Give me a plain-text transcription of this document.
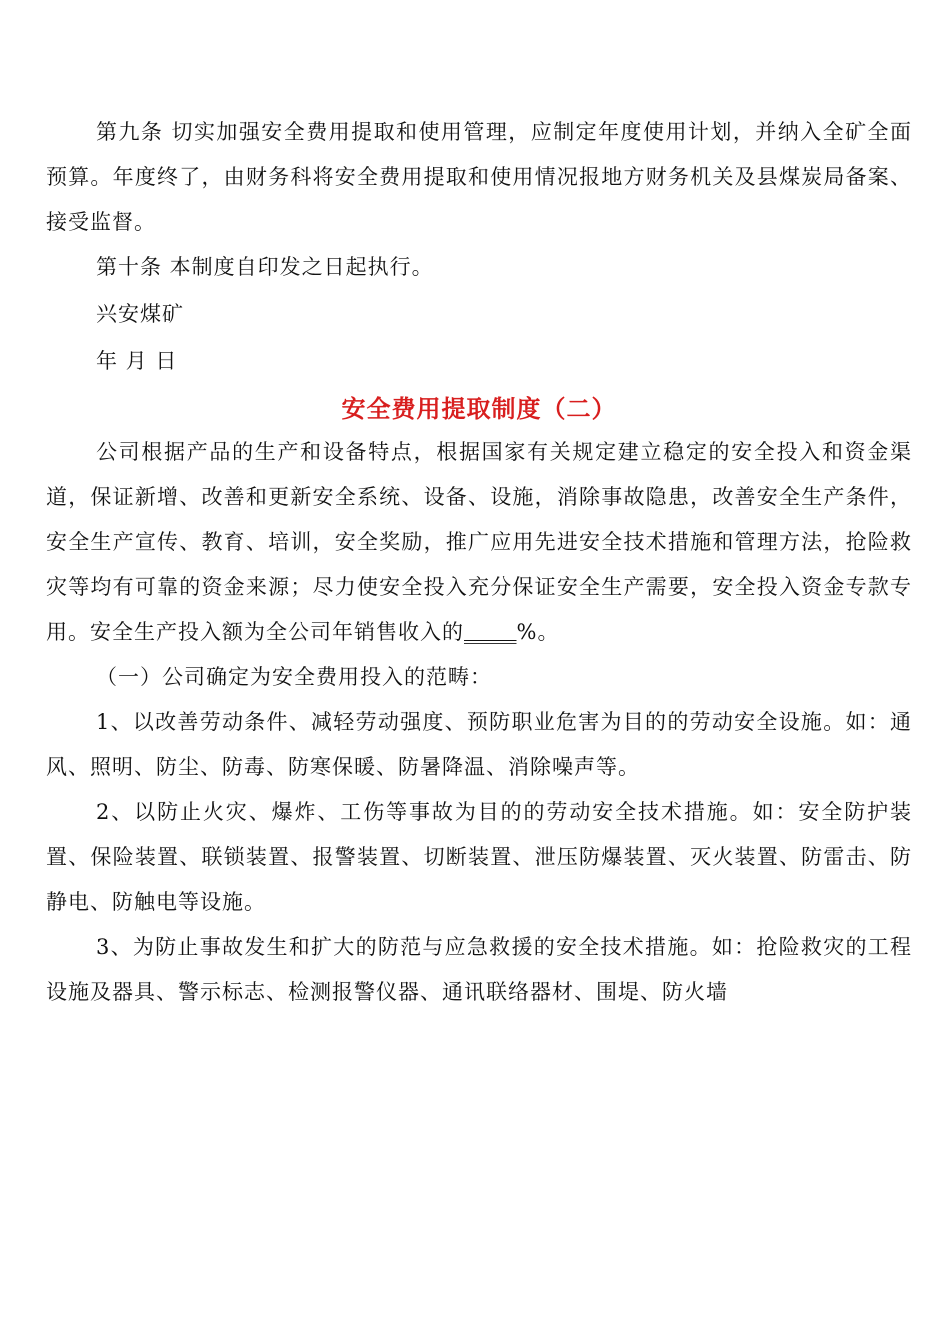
第九条 切实加强安全费用提取和使用管理，应制定年度使用计划，并纳入全矿全面预算。年度终了，由财务科将安全费用提取和使用情况报地方财务机关及县煤炭局备案、接受监督。

第十条 本制度自印发之日起执行。

兴安煤矿

年 月 日

安全费用提取制度（二）

公司根据产品的生产和设备特点，根据国家有关规定建立稳定的安全投入和资金渠道，保证新增、改善和更新安全系统、设备、设施，消除事故隐患，改善安全生产条件，安全生产宣传、教育、培训，安全奖励，推广应用先进安全技术措施和管理方法，抢险救灾等均有可靠的资金来源；尽力使安全投入充分保证安全生产需要，安全投入资金专款专用。安全生产投入额为全公司年销售收入的_____%。

（一）公司确定为安全费用投入的范畴：

1、以改善劳动条件、减轻劳动强度、预防职业危害为目的的劳动安全设施。如：通风、照明、防尘、防毒、防寒保暖、防暑降温、消除噪声等。

2、以防止火灾、爆炸、工伤等事故为目的的劳动安全技术措施。如：安全防护装置、保险装置、联锁装置、报警装置、切断装置、泄压防爆装置、灭火装置、防雷击、防静电、防触电等设施。

3、为防止事故发生和扩大的防范与应急救援的安全技术措施。如：抢险救灾的工程设施及器具、警示标志、检测报警仪器、通讯联络器材、围堤、防火墙
